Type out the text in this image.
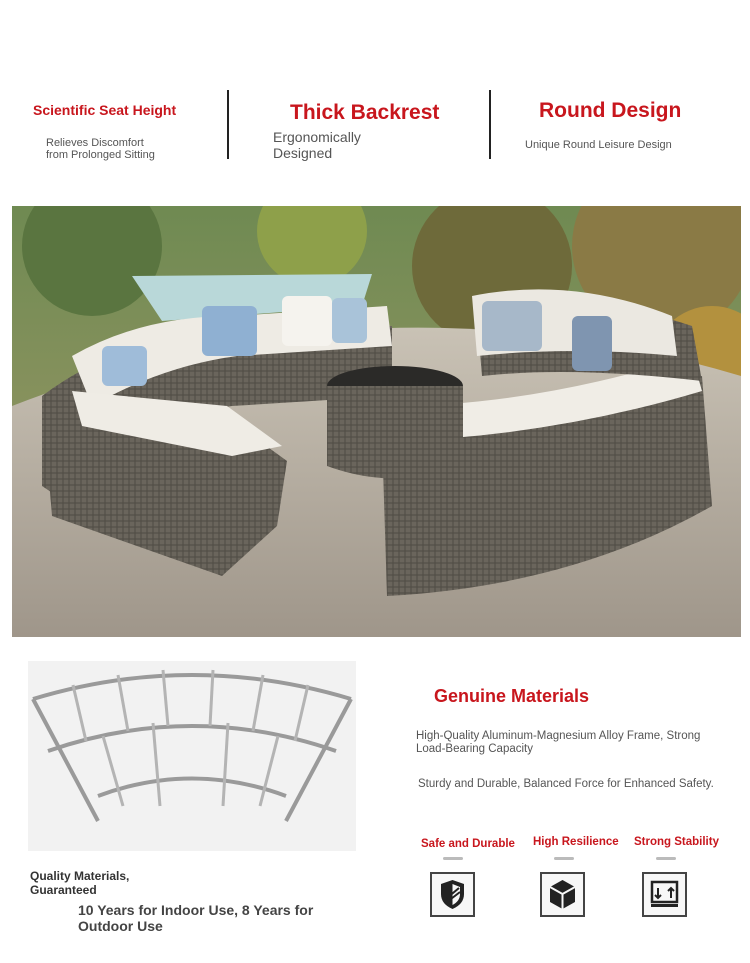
Scientific Seat Height
Relieves Discomfort
from Prolonged Sitting
Thick Backrest
Ergonomically
Designed
Round Design
Unique Round Leisure Design
Quality Materials,
Guaranteed
10 Years for Indoor Use, 8 Years for
Outdoor Use
Genuine Materials
High-Quality Aluminum-Magnesium Alloy Frame, Strong
Load-Bearing Capacity
Sturdy and Durable, Balanced Force for Enhanced Safety.
Safe and Durable High Resilience Strong Stability
